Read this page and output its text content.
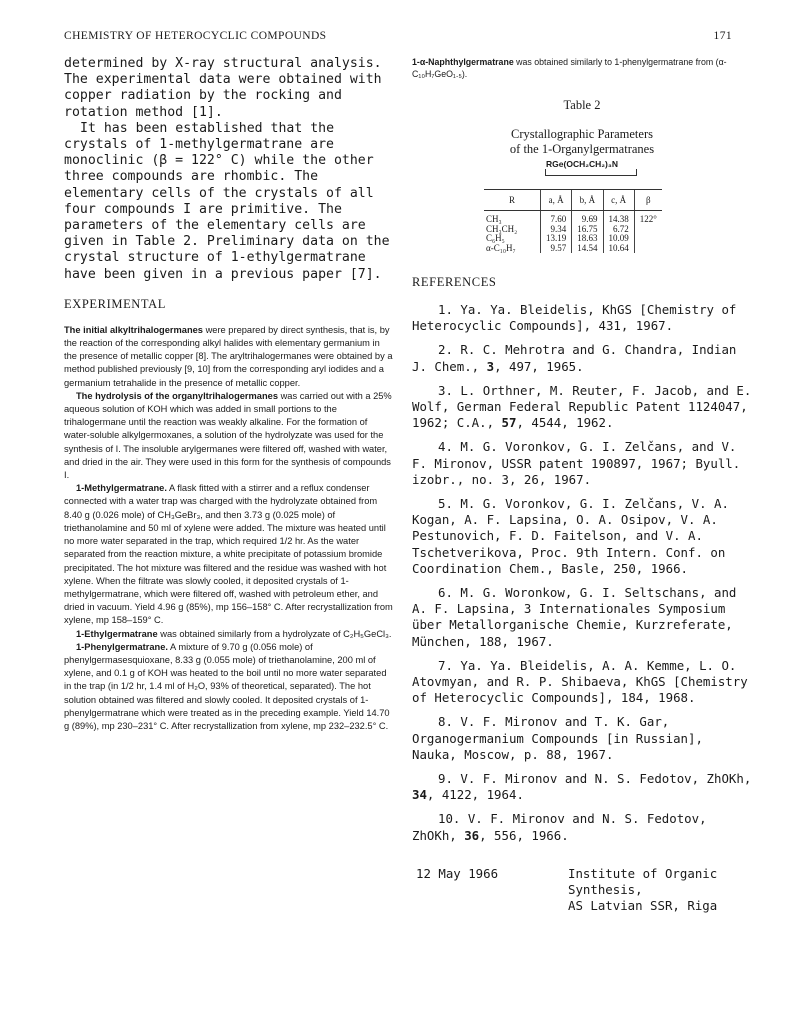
CHEMISTRY OF HETEROCYCLIC COMPOUNDS	171

determined by X-ray structural analysis. The experimental data were obtained with copper radiation by the rocking and rotation method [1].

It has been established that the crystals of 1-methylgermatrane are monoclinic (β = 122° C) while the other three compounds are rhombic. The elementary cells of the crystals of all four compounds I are primitive. The parameters of the elementary cells are given in Table 2. Preliminary data on the crystal structure of 1-ethylgermatrane have been given in a previous paper [7].

EXPERIMENTAL

The initial alkyltrihalogermanes were prepared by direct synthesis, that is, by the reaction of the corresponding alkyl halides with elementary germanium in the presence of metallic copper [8]. The aryltrihalogermanes were obtained by a method published previously [9, 10] from the corresponding aryl iodides and a germanium tetrahalide in the presence of metallic copper.

The hydrolysis of the organyltrihalogermanes was carried out with a 25% aqueous solution of KOH which was added in small portions to the trihalogermane until the reaction was weakly alkaline. For the formation of water-soluble alkylgermoxanes, a solution of the hydrolyzate was used for the synthesis of I. The insoluble arylgermanes were filtered off, washed with water, and dried in the air. They were used in this form for the synthesis of compounds I.

1-Methylgermatrane. A flask fitted with a stirrer and a reflux condenser connected with a water trap was charged with the hydrolyzate obtained from 8.40 g (0.026 mole) of CH₃GeBr₃, and then 3.73 g (0.025 mole) of triethanolamine and 50 ml of xylene were added. The mixture was heated until no more water separated in the trap, which required 1/2 hr. As the water separated from the reaction mixture, a white precipitate of potassium bromide precipitated. The hot mixture was filtered and the residue was washed with hot xylene. When the filtrate was slowly cooled, it deposited crystals of 1-methylgermatrane, which were filtered off, washed with petroleum ether, and dried in vacuum. Yield 4.96 g (85%), mp 156–158° C. After recrystallization from xylene, mp 158–159° C.

1-Ethylgermatrane was obtained similarly from a hydrolyzate of C₂H₅GeCl₃.

1-Phenylgermatrane. A mixture of 9.70 g (0.056 mole) of phenylgermasesquioxane, 8.33 g (0.055 mole) of triethanolamine, 200 ml of xylene, and 0.1 g of KOH was heated to the boil until no more water separated in the trap (in 1/2 hr, 1.4 ml of H₂O, 93% of theoretical, separated). The hot solution obtained was filtered and slowly cooled. It deposited crystals of 1-phenylgermatrane which were treated as in the preceding example. Yield 14.70 g (89%), mp 230–231° C. After recrystallization from xylene, mp 232–232.5° C.

1-α-Naphthylgermatrane was obtained similarly to 1-phenylgermatrane from (α-C₁₀H₇GeO₁.₅).

Table 2
Crystallographic Parameters
of the 1-Organylgermatranes
RGe(OCH₂CH₂)₃N

R	a, Å	b, Å	c, Å	β
CH₃	7.60	9.69	14.38	122°
CH₃CH₂	9.34	16.75	6.72	
C₆H₅	13.19	18.63	10.09	
α-C₁₀H₇	9.57	14.54	10.64	
REFERENCES

1. Ya. Ya. Bleidelis, KhGS [Chemistry of Heterocyclic Compounds], 431, 1967.

2. R. C. Mehrotra and G. Chandra, Indian J. Chem., 3, 497, 1965.

3. L. Orthner, M. Reuter, F. Jacob, and E. Wolf, German Federal Republic Patent 1124047, 1962; C.A., 57, 4544, 1962.

4. M. G. Voronkov, G. I. Zelčans, and V. F. Mironov, USSR patent 190897, 1967; Byull. izobr., no. 3, 26, 1967.

5. M. G. Voronkov, G. I. Zelčans, V. A. Kogan, A. F. Lapsina, O. A. Osipov, V. A. Pestunovich, F. D. Faitelson, and V. A. Tschetverikova, Proc. 9th Intern. Conf. on Coordination Chem., Basle, 250, 1966.

6. M. G. Woronkow, G. I. Seltschans, and A. F. Lapsina, 3 Internationales Symposium über Metallorganische Chemie, Kurzreferate, München, 188, 1967.

7. Ya. Ya. Bleidelis, A. A. Kemme, L. O. Atovmyan, and R. P. Shibaeva, KhGS [Chemistry of Heterocyclic Compounds], 184, 1968.

8. V. F. Mironov and T. K. Gar, Organogermanium Compounds [in Russian], Nauka, Moscow, p. 88, 1967.

9. V. F. Mironov and N. S. Fedotov, ZhOKh, 34, 4122, 1964.

10. V. F. Mironov and N. S. Fedotov, ZhOKh, 36, 556, 1966.

12 May 1966	Institute of Organic Synthesis,
AS Latvian SSR, Riga
